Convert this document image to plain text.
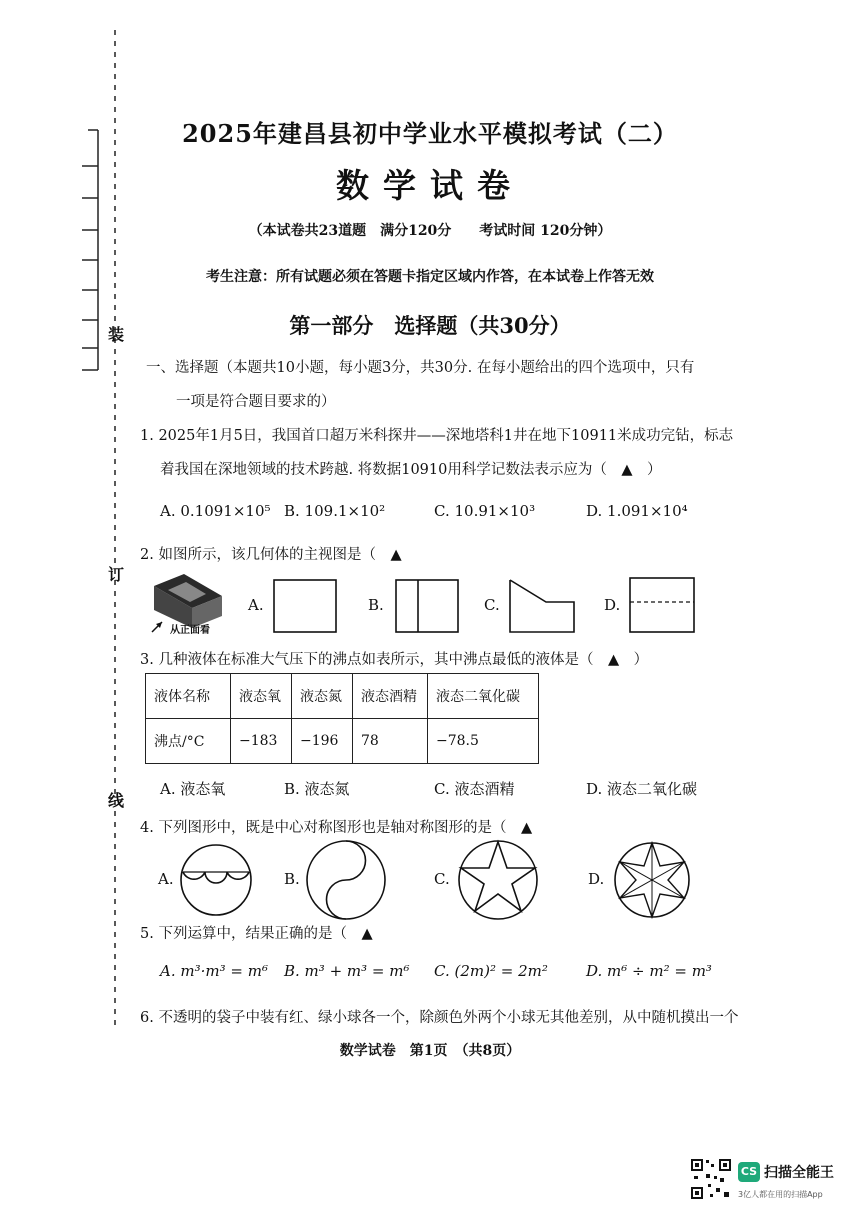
装
订
线
2025年建昌县初中学业水平模拟考试（二）
数学试卷
（本试卷共23道题　满分120分　　考试时间 120分钟）
考生注意：所有试题必须在答题卡指定区域内作答，在本试卷上作答无效
第一部分　选择题（共30分）
一、选择题（本题共10小题，每小题3分，共30分. 在每小题给出的四个选项中，只有
一项是符合题目要求的）
1. 2025年1月5日，我国首口超万米科探井——深地塔科1井在地下10911米成功完钻，标志
着我国在深地领域的技术跨越. 将数据10910用科学记数法表示应为（　▲　）
A. 0.1091×10⁵ B. 109.1×10²	C. 10.91×10³	D. 1.091×10⁴
2. 如图所示，该几何体的主视图是（　▲
从正面看
A.	B.	C.	D.
3. 几种液体在标准大气压下的沸点如表所示，其中沸点最低的液体是（　▲　）
液体名称	液态氧	液态氮	液态酒精	液态二氧化碳
沸点/°C	−183	−196	78	−78.5
A. 液态氧	B. 液态氮	C. 液态酒精	D. 液态二氧化碳
4. 下列图形中，既是中心对称图形也是轴对称图形的是（　▲
A.	B.	C.	D.
5. 下列运算中，结果正确的是（　▲
A. m³·m³ = m⁶ B. m³ + m³ = m⁶ C. (2m)² = 2m²	D. m⁶ ÷ m² = m³
6. 不透明的袋子中装有红、绿小球各一个，除颜色外两个小球无其他差别，从中随机摸出一个
数学试卷　第1页　（共8页）
CS 扫描全能王
3亿人都在用的扫描App
